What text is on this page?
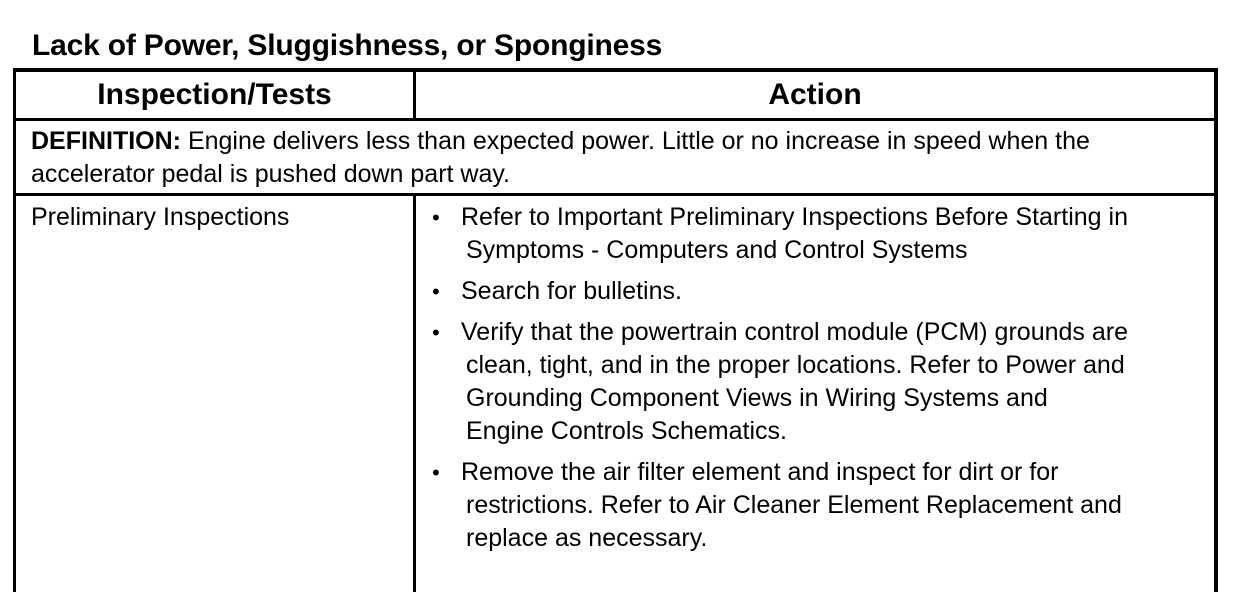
Lack of Power, Sluggishness, or Sponginess
Inspection/Tests	Action
DEFINITION: Engine delivers less than expected power. Little or no increase in speed when the accelerator pedal is pushed down part way.
Preliminary Inspections	• Refer to Important Preliminary Inspections Before Starting in
Symptoms - Computers and Control Systems
• Search for bulletins.
• Verify that the powertrain control module (PCM) grounds are
clean, tight, and in the proper locations. Refer to Power and
Grounding Component Views in Wiring Systems and
Engine Controls Schematics.
• Remove the air filter element and inspect for dirt or for
restrictions. Refer to Air Cleaner Element Replacement and
replace as necessary.
